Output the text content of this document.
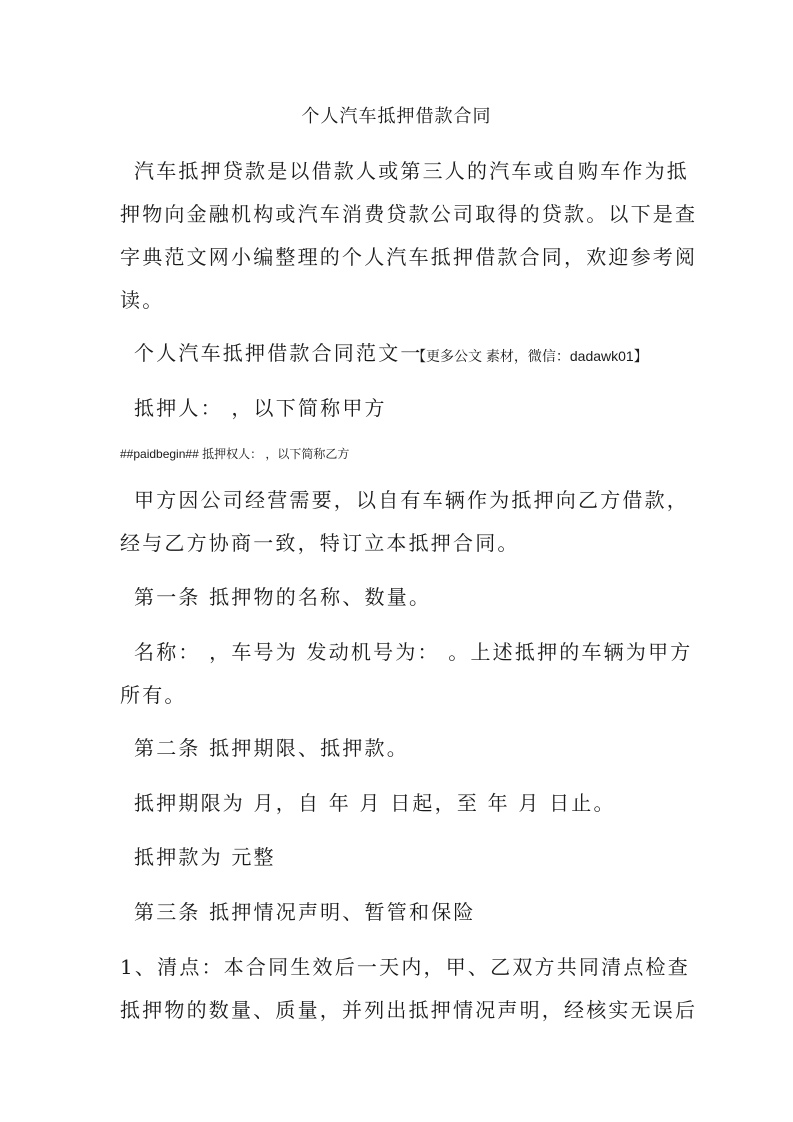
个人汽车抵押借款合同
汽车抵押贷款是以借款人或第三人的汽车或自购车作为抵
押物向金融机构或汽车消费贷款公司取得的贷款。以下是查
字典范文网小编整理的个人汽车抵押借款合同，欢迎参考阅
读。
个人汽车抵押借款合同范文一
【更多公文 素材，微信：dadawk01】
抵押人： ，以下简称甲方
##paidbegin## 抵押权人： ，以下简称乙方
甲方因公司经营需要，以自有车辆作为抵押向乙方借款，
经与乙方协商一致，特订立本抵押合同。
第一条 抵押物的名称、数量。
名称： ，车号为 发动机号为： 。上述抵押的车辆为甲方
所有。
第二条 抵押期限、抵押款。
抵押期限为 月，自 年 月 日起，至 年 月 日止。
抵押款为 元整
第三条 抵押情况声明、暂管和保险
1、清点：本合同生效后一天内，甲、乙双方共同清点检查
抵押物的数量、质量，并列出抵押情况声明，经核实无误后
